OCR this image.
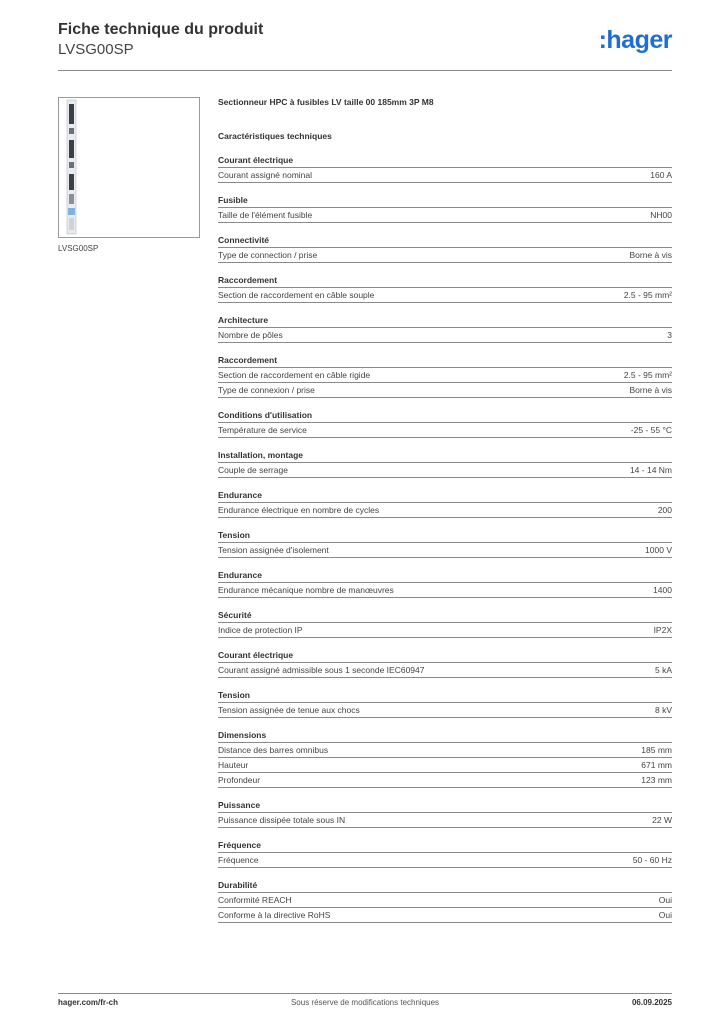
Fiche technique du produit
LVSG00SP	:hager
LVSG00SP
Sectionneur HPC à fusibles LV taille 00 185mm 3P M8
Caractéristiques techniques
Courant électrique
Courant assigné nominal	160 A
Fusible
Taille de l'élément fusible	NH00
Connectivité
Type de connection / prise	Borne à vis
Raccordement
Section de raccordement en câble souple	2.5 - 95 mm²
Architecture
Nombre de pôles	3
Raccordement
Section de raccordement en câble rigide	2.5 - 95 mm²
Type de connexion / prise	Borne à vis
Conditions d'utilisation
Température de service	-25 - 55 °C
Installation, montage
Couple de serrage	14 - 14 Nm
Endurance
Endurance électrique en nombre de cycles	200
Tension
Tension assignée d'isolement	1000 V
Endurance
Endurance mécanique nombre de manœuvres	1400
Sécurité
Indice de protection IP	IP2X
Courant électrique
Courant assigné admissible sous 1 seconde IEC60947	5 kA
Tension
Tension assignée de tenue aux chocs	8 kV
Dimensions
Distance des barres omnibus	185 mm
Hauteur	671 mm
Profondeur	123 mm
Puissance
Puissance dissipée totale sous IN	22 W
Fréquence
Fréquence	50 - 60 Hz
Durabilité
Conformité REACH	Oui
Conforme à la directive RoHS	Oui
hager.com/fr-ch	Sous réserve de modifications techniques	06.09.2025
